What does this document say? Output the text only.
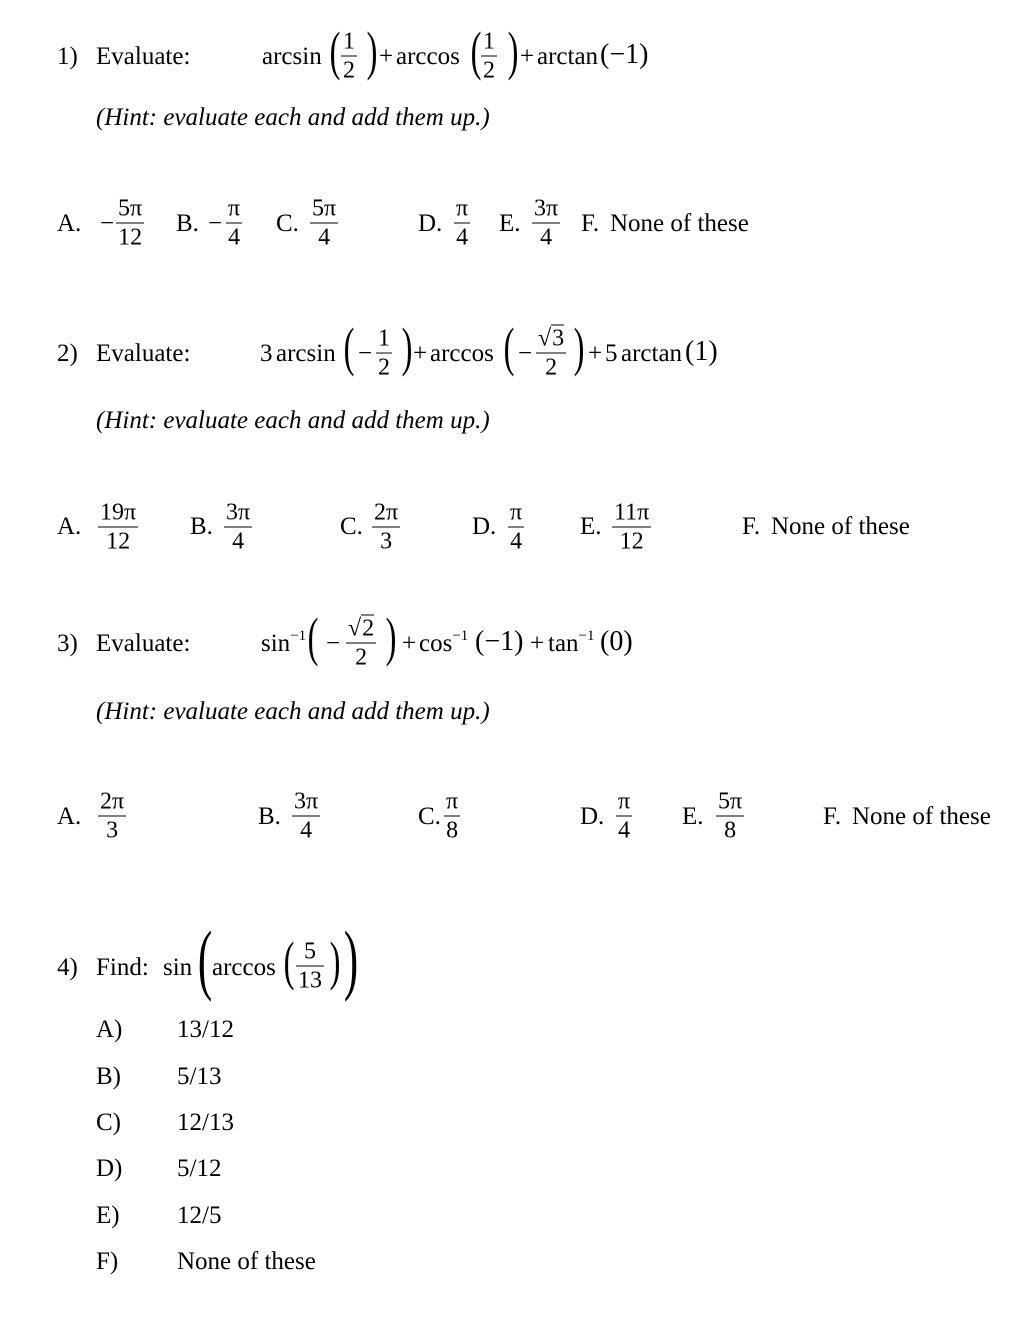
1) Evaluate:	arcsin ( 1
2 ) + arccos ( 1
2 ) + arctan (−1)
(Hint: evaluate each and add them up.)
A. −
5π
12
B. −
π
4
C.
5π
4
D.
π
4
E.
3π
4
F. None of these
2) Evaluate:	3 arcsin ( −
1
2 ) + arccos ( −
√3
2 ) + 5 arctan (1)
(Hint: evaluate each and add them up.)
A.
19π
12
B.
3π
4
C.
2π
3
D.
π
4
E.
11π
12
F. None of these
3) Evaluate:	$\sin^{-1}$ ( −
√2
2 ) + $\cos^{-1} (-1) + \tan^{-1} (0)$
(Hint: evaluate each and add them up.)
A.
2π
3
B.
3π
4
C.
π
8
D.
π
4
E.
5π
8
F. None of these
4) Find: sin ( arccos ( 5
13 ) )
A) 13/12
B) 5/13
C) 12/13
D) 5/12
E) 12/5
F) None of these
